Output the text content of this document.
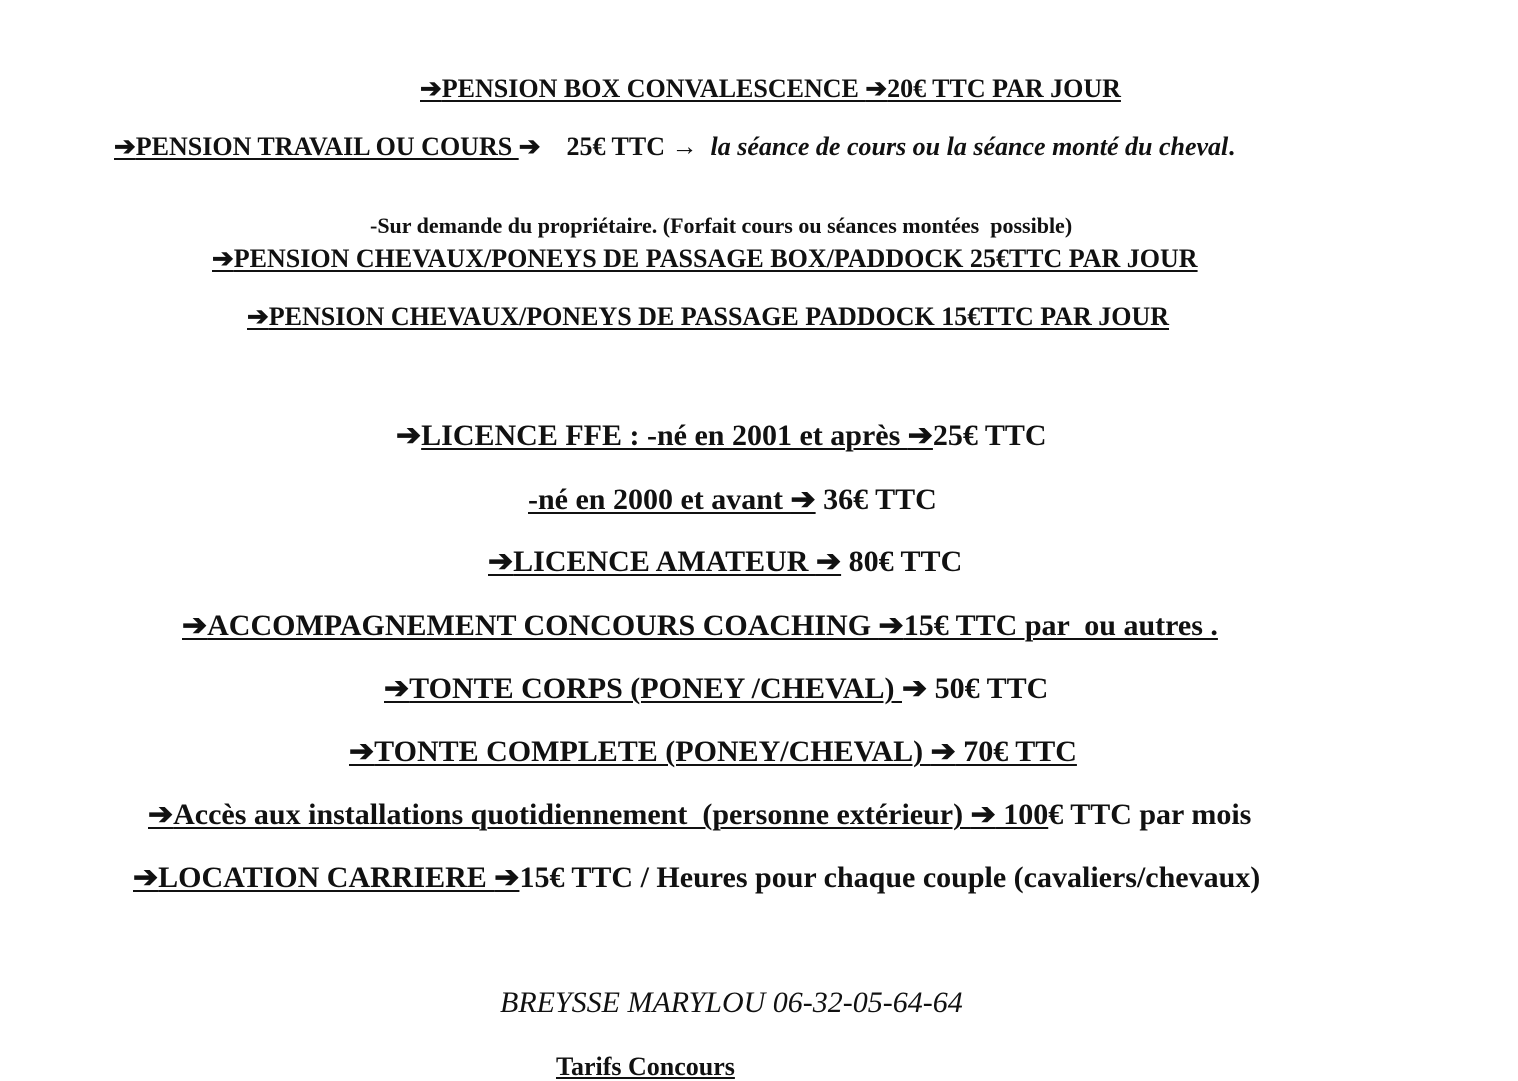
➔PENSION BOX CONVALESCENCE ➔20€ TTC PAR JOUR
➔PENSION TRAVAIL OU COURS ➔    25€ TTC →  la séance de cours ou la séance monté du cheval.

-Sur demande du propriétaire. (Forfait cours ou séances montées  possible)

➔PENSION CHEVAUX/PONEYS DE PASSAGE BOX/PADDOCK 25€TTC PAR JOUR
➔PENSION CHEVAUX/PONEYS DE PASSAGE PADDOCK 15€TTC PAR JOUR
➔LICENCE FFE : -né en 2001 et après ➔25€ TTC
-né en 2000 et avant ➔ 36€ TTC
➔LICENCE AMATEUR ➔ 80€ TTC
➔ACCOMPAGNEMENT CONCOURS COACHING ➔15€ TTC par  ou autres .
➔TONTE CORPS (PONEY /CHEVAL) ➔ 50€ TTC
➔TONTE COMPLETE (PONEY/CHEVAL) ➔ 70€ TTC
➔Accès aux installations quotidiennement  (personne extérieur) ➔ 100€ TTC par mois
➔LOCATION CARRIERE ➔15€ TTC / Heures pour chaque couple (cavaliers/chevaux)
BREYSSE MARYLOU 06-32-05-64-64
Tarifs Concours
